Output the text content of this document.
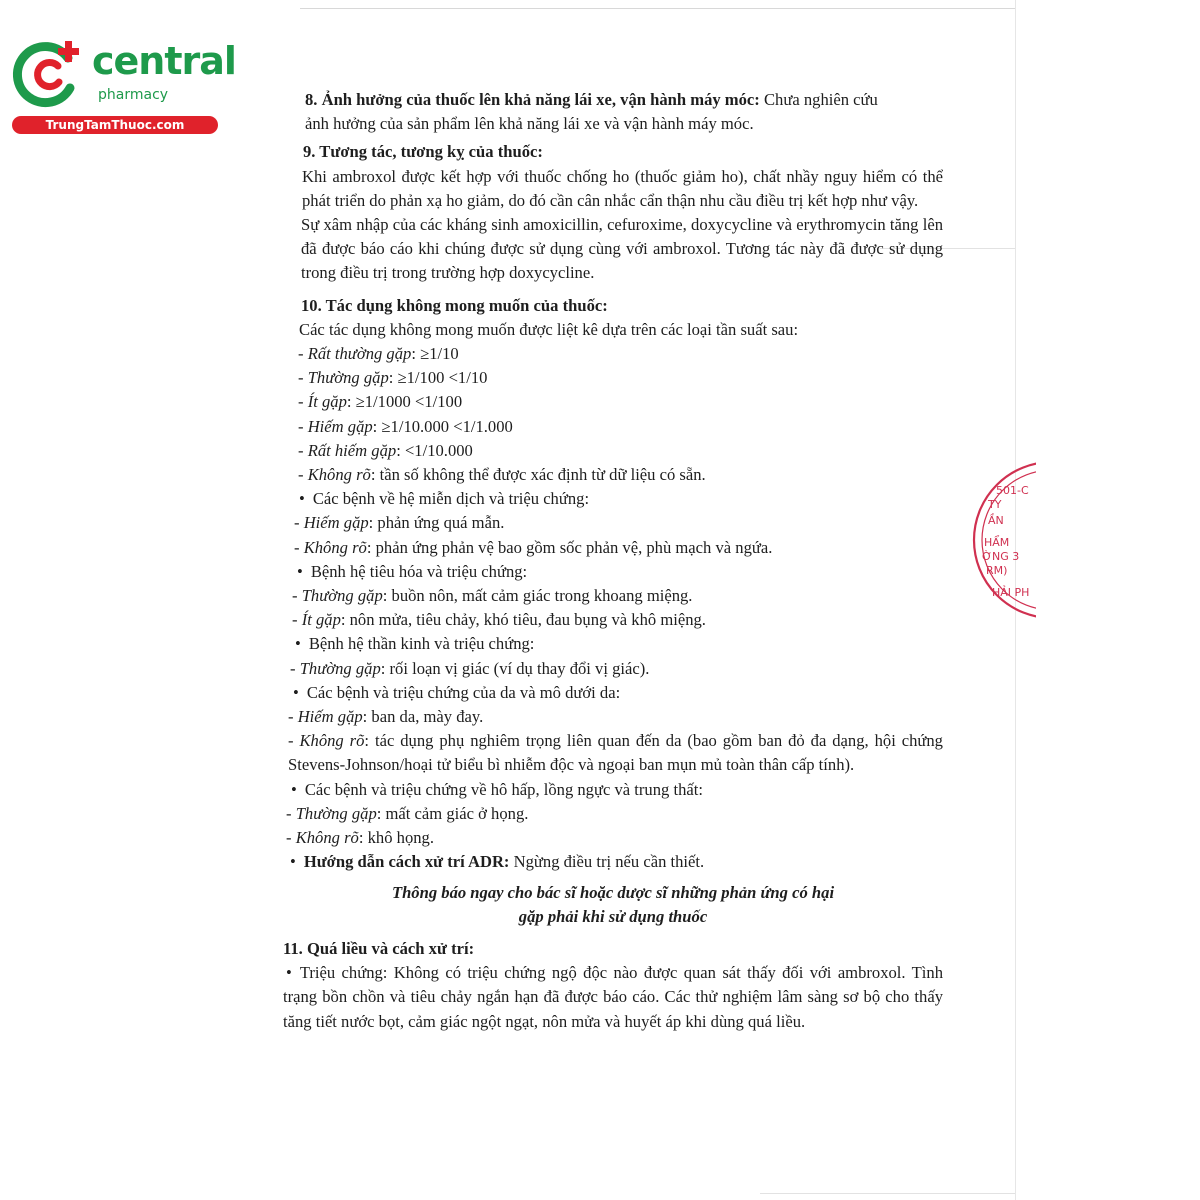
central
pharmacy
TrungTamThuoc.com
501-C
TY
ẦN
HẨM
ỜNG 3
RM)
HẢI PH

8. Ảnh hưởng của thuốc lên khả năng lái xe, vận hành máy móc: Chưa nghiên cứu
ảnh hưởng của sản phẩm lên khả năng lái xe và vận hành máy móc.

9. Tương tác, tương kỵ của thuốc:

Khi ambroxol được kết hợp với thuốc chống ho (thuốc giảm ho), chất nhầy nguy hiểm có thể phát triển do phản xạ ho giảm, do đó cần cân nhắc cẩn thận nhu cầu điều trị kết hợp như vậy.

Sự xâm nhập của các kháng sinh amoxicillin, cefuroxime, doxycycline và erythromycin tăng lên đã được báo cáo khi chúng được sử dụng cùng với ambroxol. Tương tác này đã được sử dụng trong điều trị trong trường hợp doxycycline.

10. Tác dụng không mong muốn của thuốc:

Các tác dụng không mong muốn được liệt kê dựa trên các loại tần suất sau:

- Rất thường gặp: ≥1/10

- Thường gặp: ≥1/100 <1/10

- Ít gặp: ≥1/1000 <1/100

- Hiếm gặp: ≥1/10.000 <1/1.000

- Rất hiếm gặp: <1/10.000

- Không rõ: tần số không thể được xác định từ dữ liệu có sẵn.

• Các bệnh về hệ miễn dịch và triệu chứng:

- Hiếm gặp: phản ứng quá mẫn.

- Không rõ: phản ứng phản vệ bao gồm sốc phản vệ, phù mạch và ngứa.

• Bệnh hệ tiêu hóa và triệu chứng:

- Thường gặp: buồn nôn, mất cảm giác trong khoang miệng.

- Ít gặp: nôn mửa, tiêu chảy, khó tiêu, đau bụng và khô miệng.

• Bệnh hệ thần kinh và triệu chứng:

- Thường gặp: rối loạn vị giác (ví dụ thay đổi vị giác).

• Các bệnh và triệu chứng của da và mô dưới da:

- Hiếm gặp: ban da, mày đay.

- Không rõ: tác dụng phụ nghiêm trọng liên quan đến da (bao gồm ban đỏ đa dạng, hội chứng Stevens-Johnson/hoại tử biểu bì nhiễm độc và ngoại ban mụn mủ toàn thân cấp tính).

• Các bệnh và triệu chứng về hô hấp, lồng ngực và trung thất:

- Thường gặp: mất cảm giác ở họng.

- Không rõ: khô họng.

• Hướng dẫn cách xử trí ADR: Ngừng điều trị nếu cần thiết.

Thông báo ngay cho bác sĩ hoặc dược sĩ những phản ứng có hại
gặp phải khi sử dụng thuốc

11. Quá liều và cách xử trí:

• Triệu chứng: Không có triệu chứng ngộ độc nào được quan sát thấy đối với ambroxol. Tình trạng bồn chồn và tiêu chảy ngắn hạn đã được báo cáo. Các thử nghiệm lâm sàng sơ bộ cho thấy tăng tiết nước bọt, cảm giác ngột ngạt, nôn mửa và huyết áp khi dùng quá liều.
